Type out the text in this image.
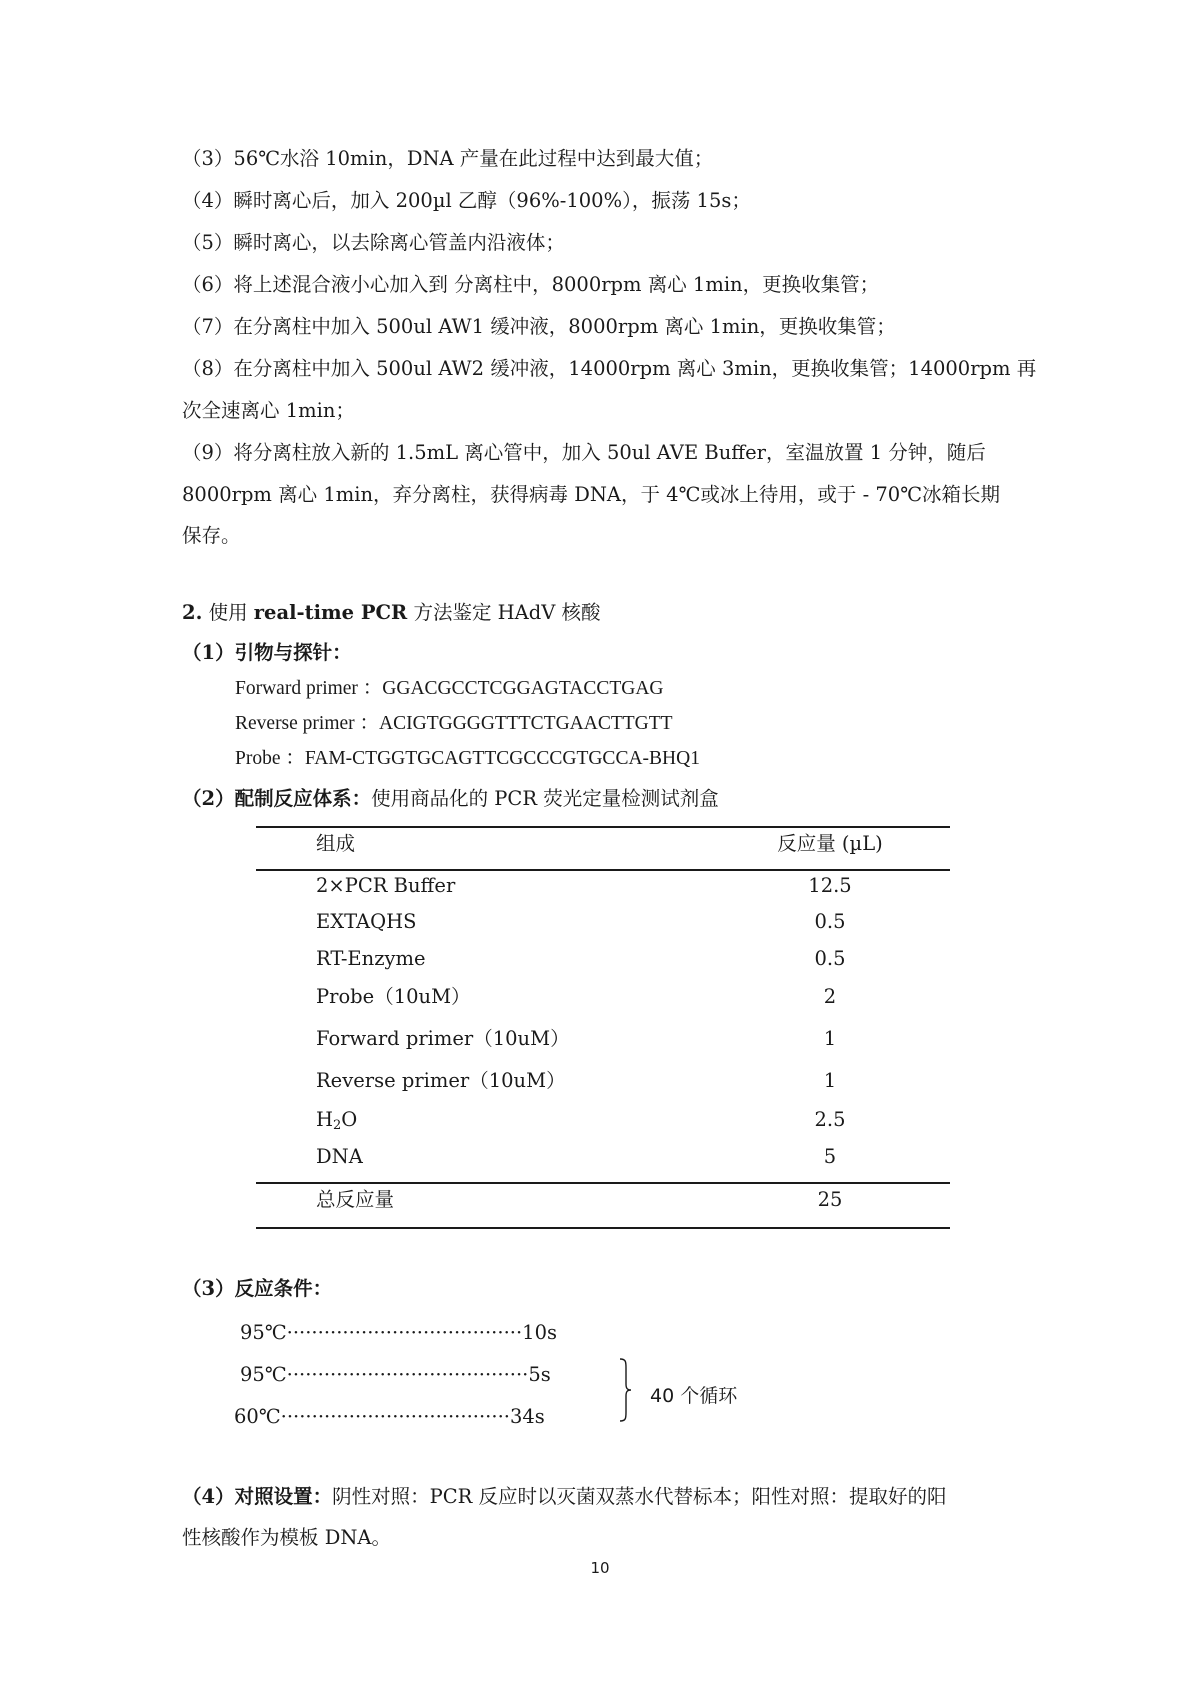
（3）56℃水浴 10min，DNA 产量在此过程中达到最大值；
（4）瞬时离心后，加入 200µl 乙醇（96%-100%），振荡 15s；
（5）瞬时离心，以去除离心管盖内沿液体；
（6）将上述混合液小心加入到 分离柱中，8000rpm 离心 1min，更换收集管；
（7）在分离柱中加入 500ul AW1 缓冲液，8000rpm 离心 1min，更换收集管；
（8）在分离柱中加入 500ul AW2 缓冲液，14000rpm 离心 3min，更换收集管；14000rpm 再
次全速离心 1min；
（9）将分离柱放入新的 1.5mL 离心管中，加入 50ul AVE Buffer，室温放置 1 分钟，随后
8000rpm 离心 1min，弃分离柱，获得病毒 DNA，于 4℃或冰上待用，或于 - 70℃冰箱长期
保存。
2. 使用 real-time PCR 方法鉴定 HAdV 核酸
（1）引物与探针：
Forward primer ：GGACGCCTCGGAGTACCTGAG
Reverse primer ：ACIGTGGGGTTTCTGAACTTGTT
Probe ：FAM-CTGGTGCAGTTCGCCCGTGCCA-BHQ1
（2）配制反应体系：使用商品化的 PCR 荧光定量检测试剂盒
组成	反应量 (µL)
2×PCR Buffer	12.5
EXTAQHS	0.5
RT-Enzyme	0.5
Probe（10uM）	2
Forward primer（10uM）	1
Reverse primer（10uM）	1
$H_2O$	2.5
DNA	5
总反应量	25
（3）反应条件：
95℃······································10s
95℃·······································5s
60℃·····································34s
40 个循环
（4）对照设置：阴性对照：PCR 反应时以灭菌双蒸水代替标本；阳性对照：提取好的阳
性核酸作为模板 DNA。
10
